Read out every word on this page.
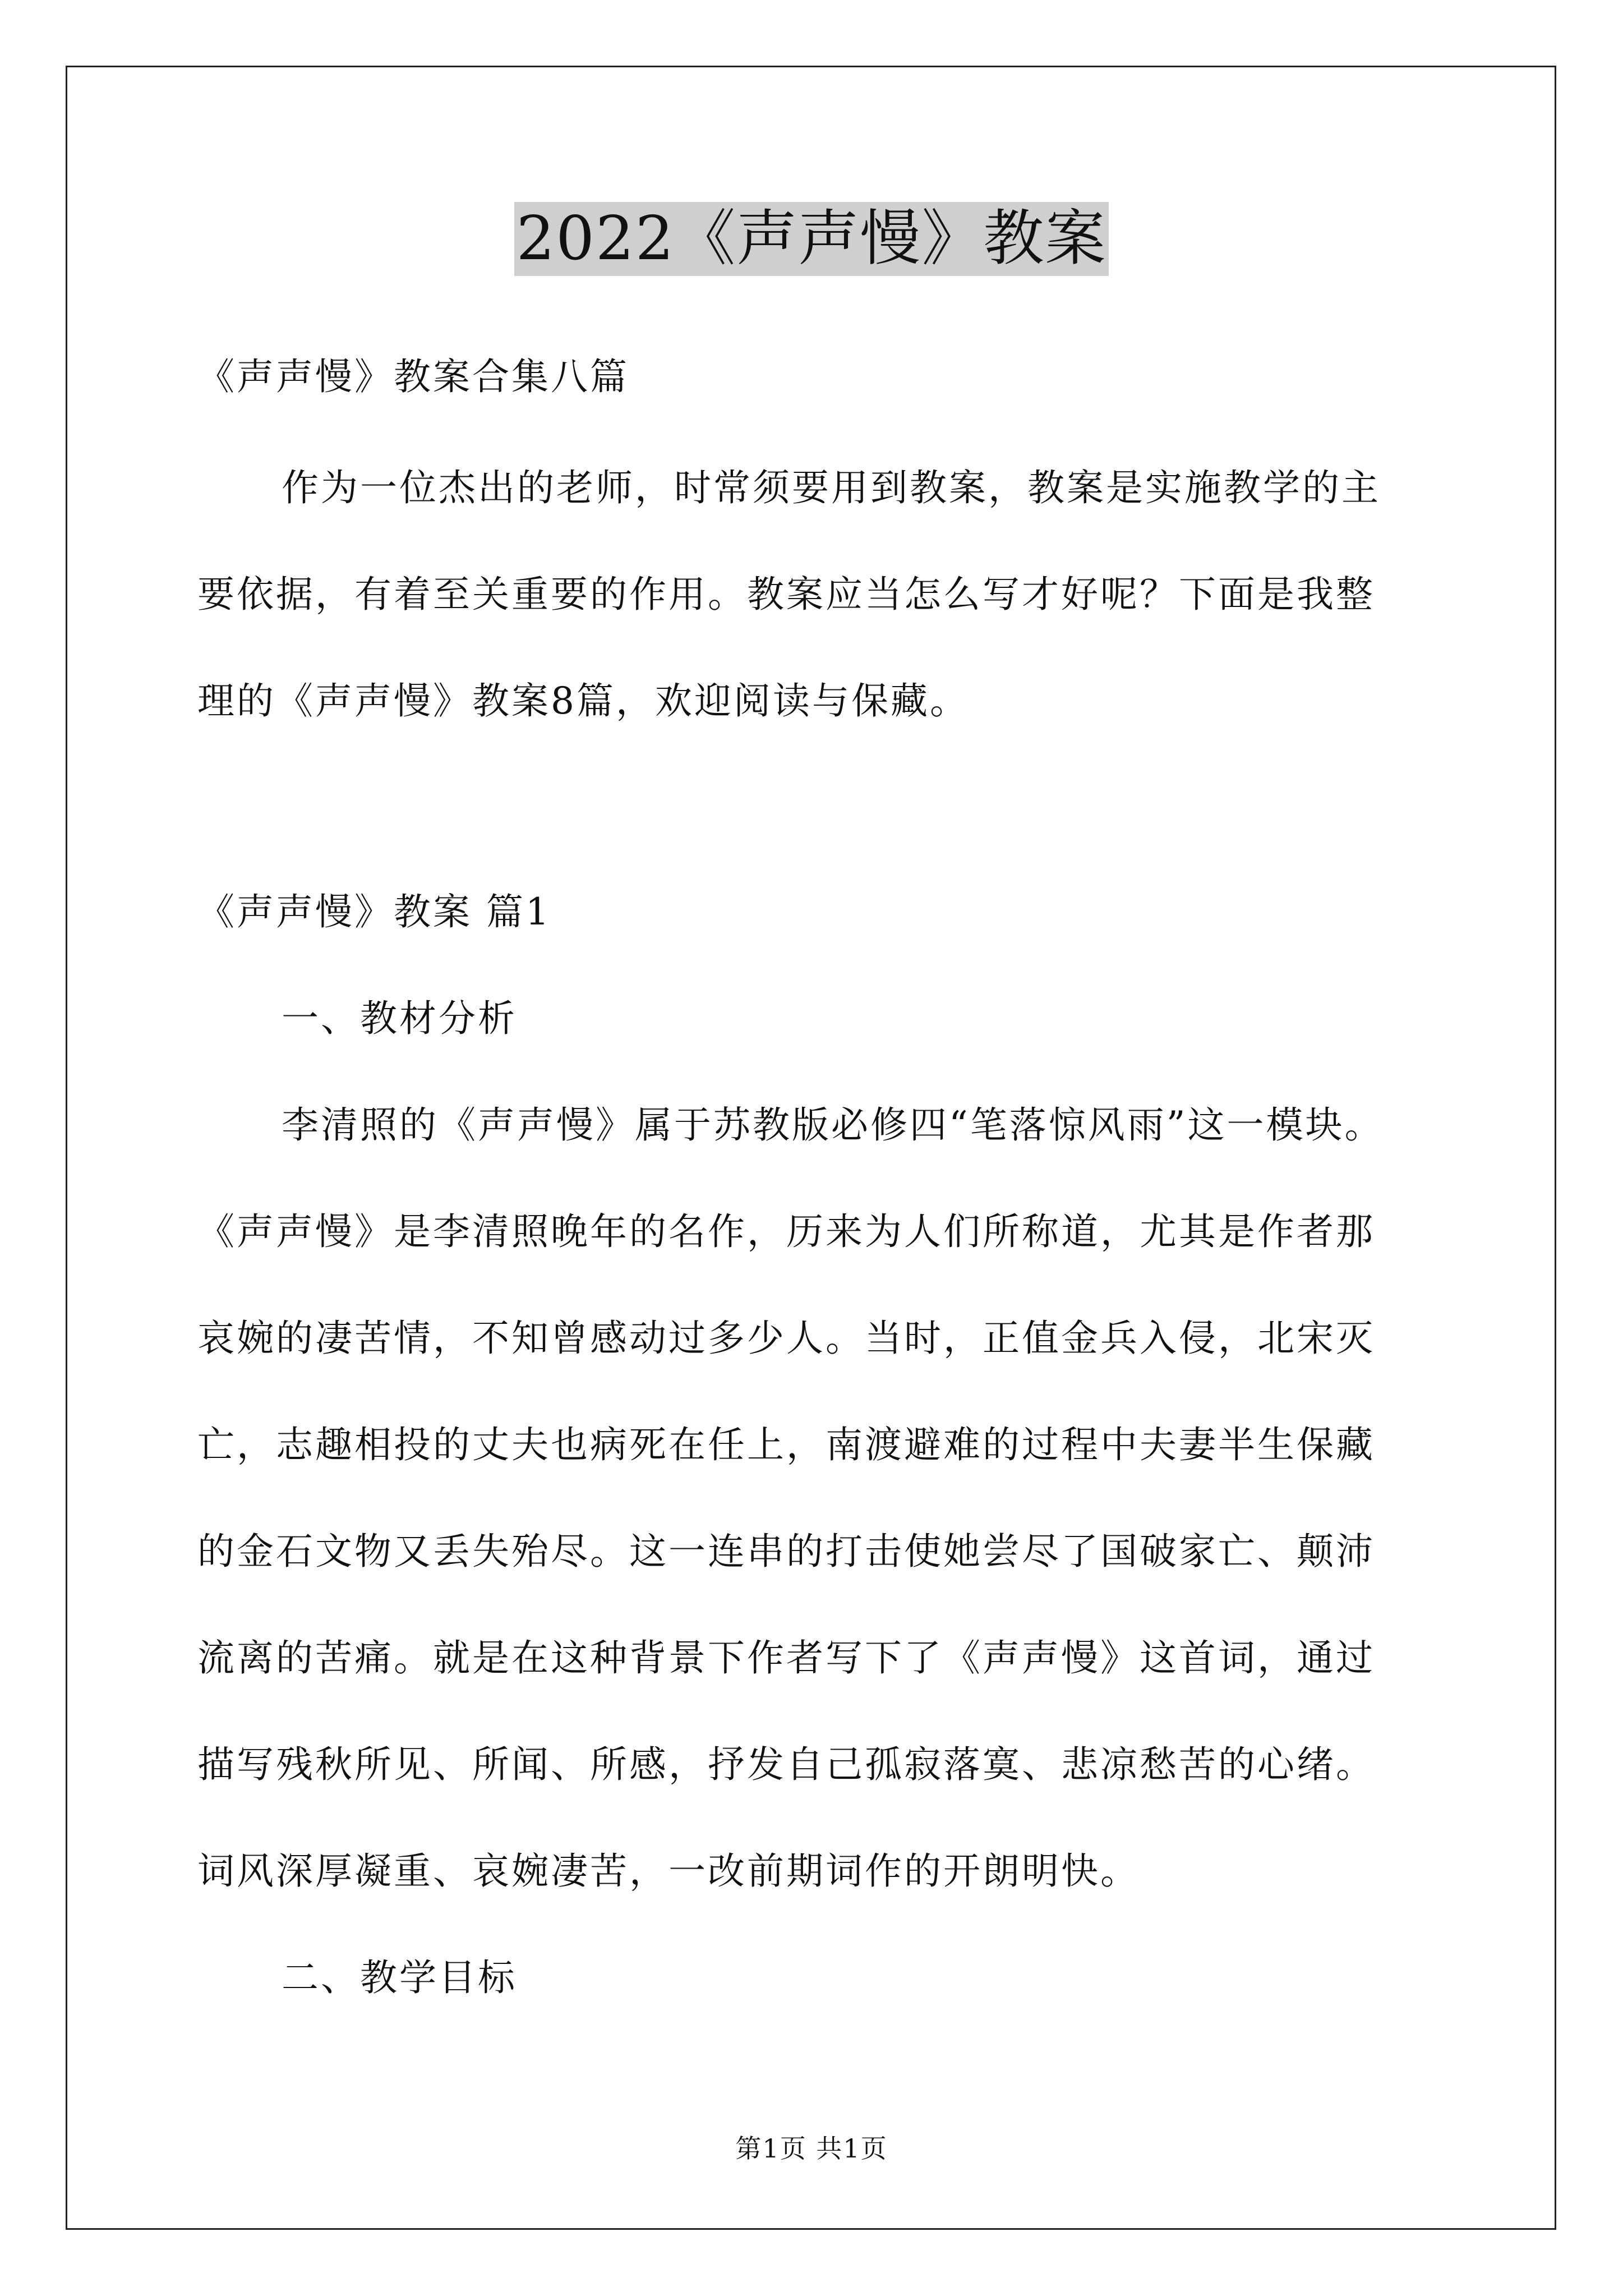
2022《声声慢》教案
《声声慢》教案合集八篇
作为一位杰出的老师，时常须要用到教案，教案是实施教学的主
要依据，有着至关重要的作用。教案应当怎么写才好呢？下面是我整
理的《声声慢》教案8篇，欢迎阅读与保藏。
《声声慢》教案 篇1
一、教材分析
李清照的《声声慢》属于苏教版必修四“笔落惊风雨”这一模块。
《声声慢》是李清照晚年的名作，历来为人们所称道，尤其是作者那
哀婉的凄苦情，不知曾感动过多少人。当时，正值金兵入侵，北宋灭
亡，志趣相投的丈夫也病死在任上，南渡避难的过程中夫妻半生保藏
的金石文物又丢失殆尽。这一连串的打击使她尝尽了国破家亡、颠沛
流离的苦痛。就是在这种背景下作者写下了《声声慢》这首词，通过
描写残秋所见、所闻、所感，抒发自己孤寂落寞、悲凉愁苦的心绪。
词风深厚凝重、哀婉凄苦，一改前期词作的开朗明快。
二、教学目标
第1页 共1页
